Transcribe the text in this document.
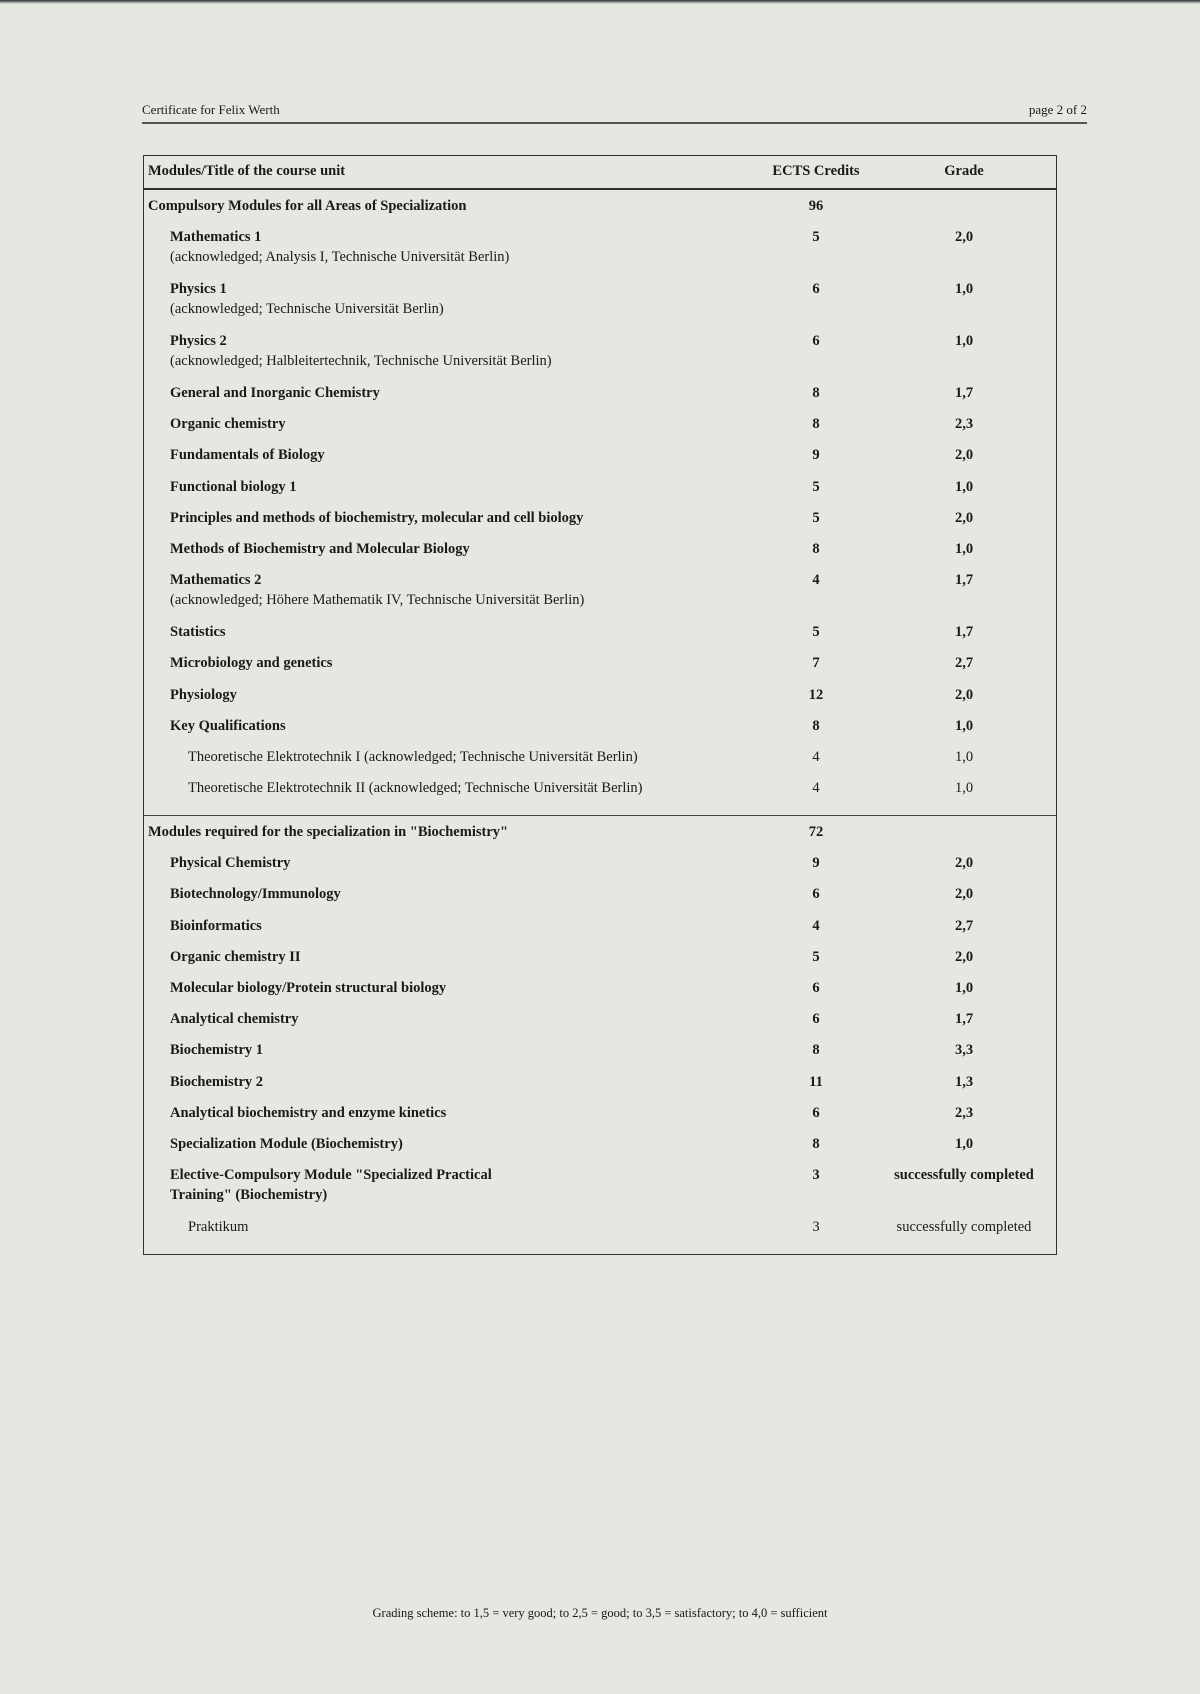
Certificate for Felix Werth	page 2 of 2
Modules/Title of the course unit	ECTS Credits	Grade
Compulsory Modules for all Areas of Specialization	96
Mathematics 1	5	2,0
(acknowledged; Analysis I, Technische Universität Berlin)
Physics 1	6	1,0
(acknowledged; Technische Universität Berlin)
Physics 2	6	1,0
(acknowledged; Halbleitertechnik, Technische Universität Berlin)
General and Inorganic Chemistry	8	1,7
Organic chemistry	8	2,3
Fundamentals of Biology	9	2,0
Functional biology 1	5	1,0
Principles and methods of biochemistry, molecular and cell biology	5	2,0
Methods of Biochemistry and Molecular Biology	8	1,0
Mathematics 2	4	1,7
(acknowledged; Höhere Mathematik IV, Technische Universität Berlin)
Statistics	5	1,7
Microbiology and genetics	7	2,7
Physiology	12	2,0
Key Qualifications	8	1,0
Theoretische Elektrotechnik I (acknowledged; Technische Universität Berlin)	4	1,0
Theoretische Elektrotechnik II (acknowledged; Technische Universität Berlin)	4	1,0
Modules required for the specialization in "Biochemistry"	72
Physical Chemistry	9	2,0
Biotechnology/Immunology	6	2,0
Bioinformatics	4	2,7
Organic chemistry II	5	2,0
Molecular biology/Protein structural biology	6	1,0
Analytical chemistry	6	1,7
Biochemistry 1	8	3,3
Biochemistry 2	11	1,3
Analytical biochemistry and enzyme kinetics	6	2,3
Specialization Module (Biochemistry)	8	1,0
Elective-Compulsory Module "Specialized Practical	3	successfully completed
Training" (Biochemistry)
Praktikum	3	successfully completed
Grading scheme: to 1,5 = very good; to 2,5 = good; to 3,5 = satisfactory; to 4,0 = sufficient
